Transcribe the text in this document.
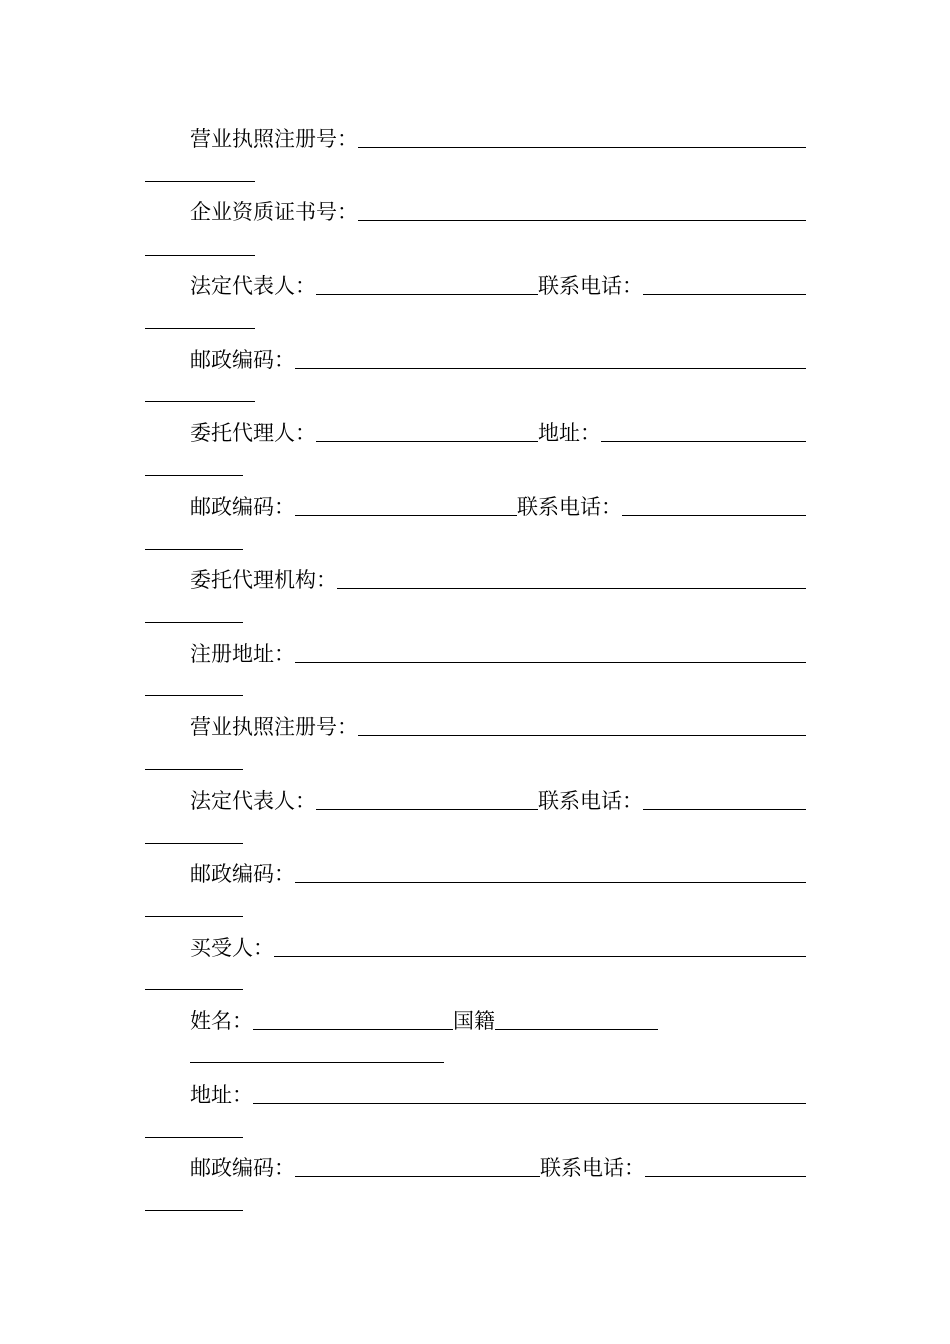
营业执照注册号：
企业资质证书号：
法定代表人：	联系电话：
邮政编码：
委托代理人：	地址：
邮政编码：	联系电话：
委托代理机构：
注册地址：
营业执照注册号：
法定代表人：	联系电话：
邮政编码：
买受人：
姓名：	国籍
地址：
邮政编码：	联系电话：
